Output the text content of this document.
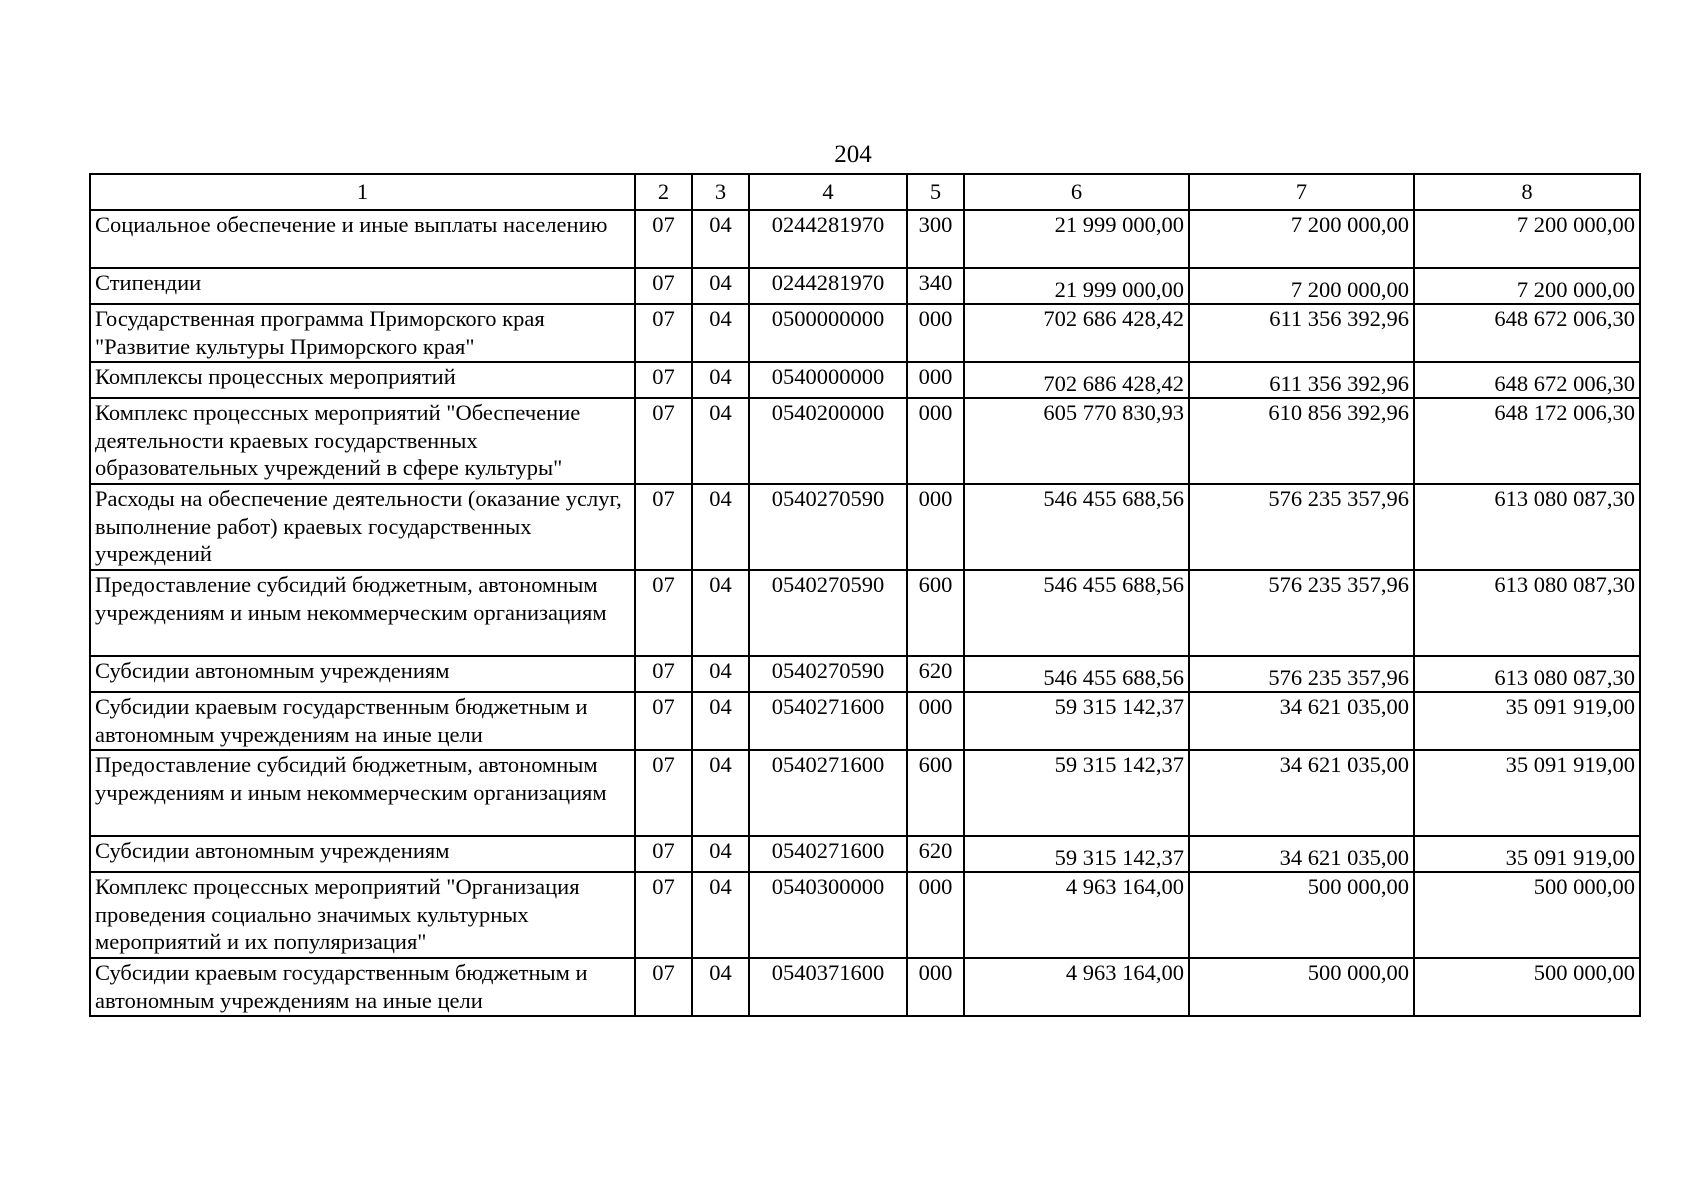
204
1	2	3	4	5	6	7	8
Социальное обеспечение и иные выплаты населению	07	04	0244281970	300	21 999 000,00	7 200 000,00	7 200 000,00
Стипендии	07	04	0244281970	340	21 999 000,00	7 200 000,00	7 200 000,00
Государственная программа Приморского края "Развитие культуры Приморского края"	07	04	0500000000	000	702 686 428,42	611 356 392,96	648 672 006,30
Комплексы процессных мероприятий	07	04	0540000000	000	702 686 428,42	611 356 392,96	648 672 006,30
Комплекс процессных мероприятий "Обеспечение деятельности краевых государственных образовательных учреждений в сфере культуры"	07	04	0540200000	000	605 770 830,93	610 856 392,96	648 172 006,30
Расходы на обеспечение деятельности (оказание услуг, выполнение работ) краевых государственных учреждений	07	04	0540270590	000	546 455 688,56	576 235 357,96	613 080 087,30
Предоставление субсидий бюджетным, автономным учреждениям и иным некоммерческим организациям	07	04	0540270590	600	546 455 688,56	576 235 357,96	613 080 087,30
Субсидии автономным учреждениям	07	04	0540270590	620	546 455 688,56	576 235 357,96	613 080 087,30
Субсидии краевым государственным бюджетным и автономным учреждениям на иные цели	07	04	0540271600	000	59 315 142,37	34 621 035,00	35 091 919,00
Предоставление субсидий бюджетным, автономным учреждениям и иным некоммерческим организациям	07	04	0540271600	600	59 315 142,37	34 621 035,00	35 091 919,00
Субсидии автономным учреждениям	07	04	0540271600	620	59 315 142,37	34 621 035,00	35 091 919,00
Комплекс процессных мероприятий "Организация проведения социально значимых культурных мероприятий и их популяризация"	07	04	0540300000	000	4 963 164,00	500 000,00	500 000,00
Субсидии краевым государственным бюджетным и автономным учреждениям на иные цели	07	04	0540371600	000	4 963 164,00	500 000,00	500 000,00
